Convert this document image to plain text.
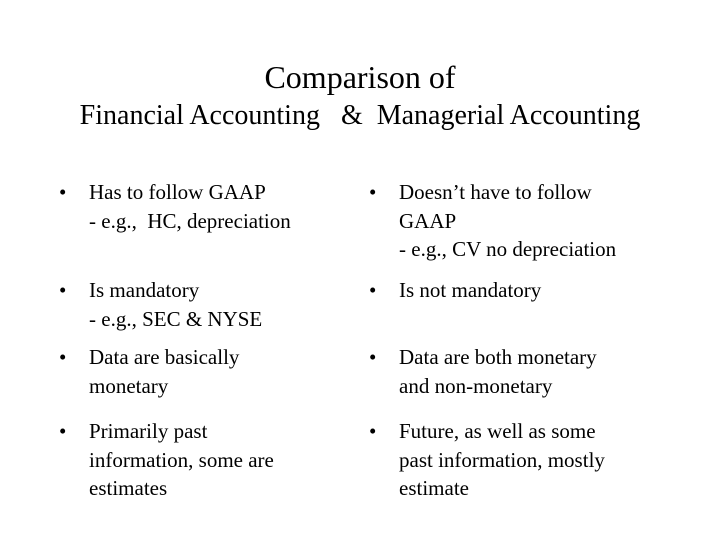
Comparison of
Financial Accounting   &  Managerial Accounting
• Has to follow GAAP
- e.g.,  HC, depreciation
• Is mandatory
- e.g., SEC & NYSE
• Data are basically
monetary
• Primarily past
information, some are
estimates
• Doesn’t have to follow
GAAP
- e.g., CV no depreciation
• Is not mandatory
• Data are both monetary
and non-monetary
• Future, as well as some
past information, mostly
estimate
